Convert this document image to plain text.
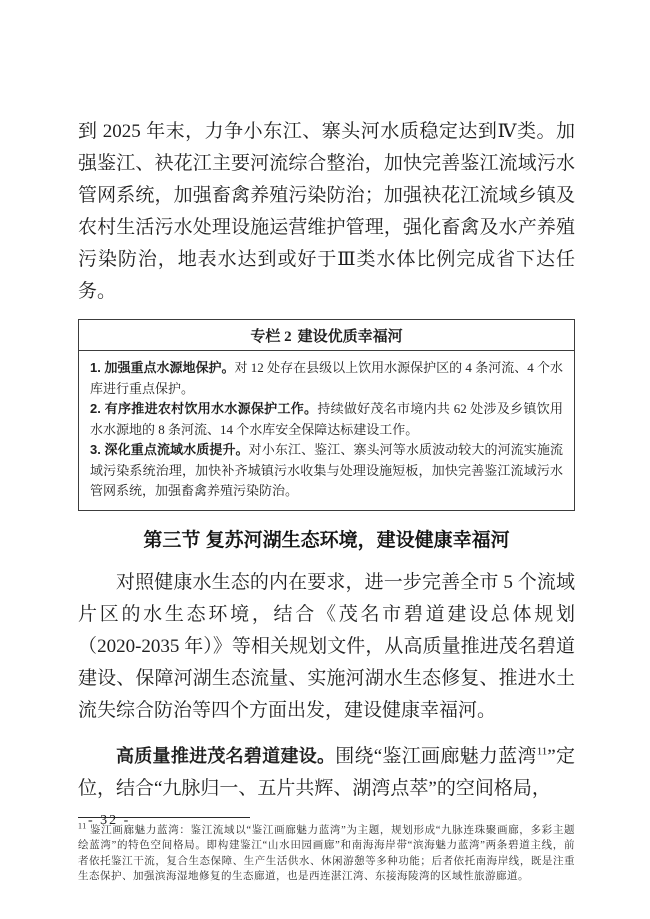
到 2025 年末，力争小东江、寨头河水质稳定达到Ⅳ类。加强鉴江、袂花江主要河流综合整治，加快完善鉴江流域污水管网系统，加强畜禽养殖污染防治；加强袂花江流域乡镇及农村生活污水处理设施运营维护管理，强化畜禽及水产养殖污染防治，地表水达到或好于Ⅲ类水体比例完成省下达任务。

专栏 2 建设优质幸福河

1. 加强重点水源地保护。对 12 处存在县级以上饮用水源保护区的 4 条河流、4 个水库进行重点保护。

2. 有序推进农村饮用水水源保护工作。持续做好茂名市境内共 62 处涉及乡镇饮用水水源地的 8 条河流、14 个水库安全保障达标建设工作。

3. 深化重点流域水质提升。对小东江、鉴江、寨头河等水质波动较大的河流实施流域污染系统治理，加快补齐城镇污水收集与处理设施短板，加快完善鉴江流域污水管网系统，加强畜禽养殖污染防治。

第三节 复苏河湖生态环境，建设健康幸福河

对照健康水生态的内在要求，进一步完善全市 5 个流域片区的水生态环境，结合《茂名市碧道建设总体规划（2020-2035 年）》等相关规划文件，从高质量推进茂名碧道建设、保障河湖生态流量、实施河湖水生态修复、推进水土流失综合防治等四个方面出发，建设健康幸福河。

高质量推进茂名碧道建设。围绕“鉴江画廊魅力蓝湾$^{11}$”定位，结合“九脉归一、五片共辉、湖湾点萃”的空间格局，

$^{11}$ 鉴江画廊魅力蓝湾：鉴江流域以“鉴江画廊魅力蓝湾”为主题，规划形成“九脉连珠聚画廊，多彩主题绘蓝湾”的特色空间格局。即构建鉴江“山水田园画廊”和南海海岸带“滨海魅力蓝湾”两条碧道主线，前者依托鉴江干流，复合生态保障、生产生活供水、休闲游憩等多种功能；后者依托南海岸线，既是注重生态保护、加强滨海湿地修复的生态廊道，也是西连湛江湾、东接海陵湾的区域性旅游廊道。

- 32 -
